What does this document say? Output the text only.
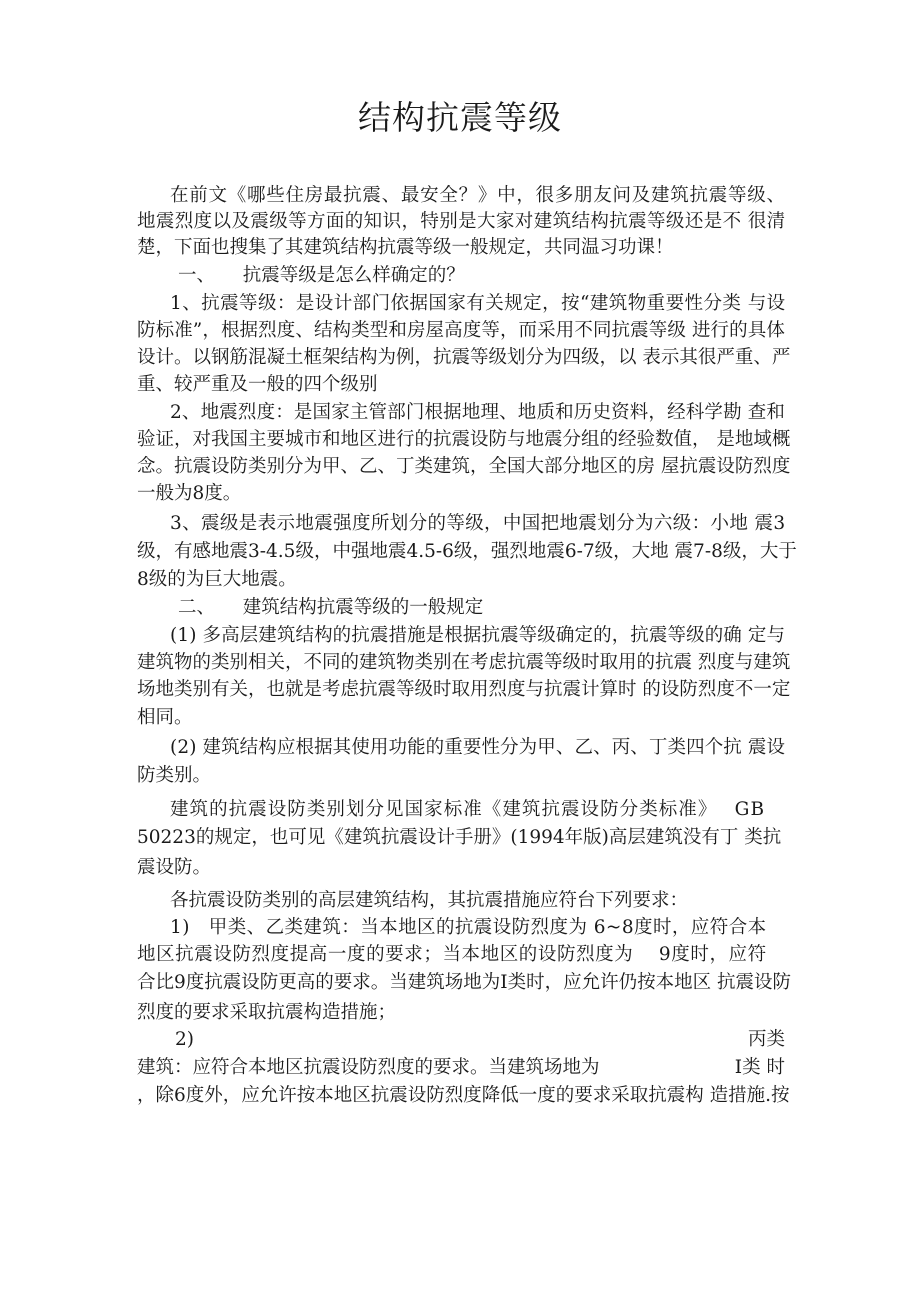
结构抗震等级
在前文《哪些住房最抗震、最安全？》中，很多朋友问及建筑抗震等级、
地震烈度以及震级等方面的知识，特别是大家对建筑结构抗震等级还是不 很清
楚，下面也搜集了其建筑结构抗震等级一般规定，共同温习功课！
一、　　抗震等级是怎么样确定的？
1、抗震等级：是设计部门依据国家有关规定，按“建筑物重要性分类 与设
防标准”，根据烈度、结构类型和房屋高度等，而采用不同抗震等级 进行的具体
设计。以钢筋混凝土框架结构为例，抗震等级划分为四级，以 表示其很严重、严
重、较严重及一般的四个级别
2、地震烈度：是国家主管部门根据地理、地质和历史资料，经科学勘 查和
验证，对我国主要城市和地区进行的抗震设防与地震分组的经验数值， 是地域概
念。抗震设防类别分为甲、乙、丁类建筑，全国大部分地区的房 屋抗震设防烈度
一般为8度。
3、震级是表示地震强度所划分的等级，中国把地震划分为六级：小地 震3
级，有感地震3-4.5级，中强地震4.5-6级，强烈地震6-7级，大地 震7-8级，大于
8级的为巨大地震。
二、　　建筑结构抗震等级的一般规定
(1) 多高层建筑结构的抗震措施是根据抗震等级确定的，抗震等级的确 定与
建筑物的类别相关，不同的建筑物类别在考虑抗震等级时取用的抗震 烈度与建筑
场地类别有关，也就是考虑抗震等级时取用烈度与抗震计算时 的设防烈度不一定
相同。
(2) 建筑结构应根据其使用功能的重要性分为甲、乙、丙、丁类四个抗 震设
防类别。
建筑的抗震设防类别划分见国家标准《建筑抗震设防分类标准》　 GB
50223的规定，也可见《建筑抗震设计手册》(1994年版)高层建筑没有丁 类抗
震设防。
各抗震设防类别的高层建筑结构，其抗震措施应符台下列要求：
1)　甲类、乙类建筑：当本地区的抗震设防烈度为 6~8度时，应符合本
地区抗震设防烈度提高一度的要求；当本地区的设防烈度为　 9度时，应符
合比9度抗震设防更高的要求。当建筑场地为I类时，应允许仍按本地区 抗震设防
烈度的要求采取抗震构造措施；
2)	丙类
建筑：应符合本地区抗震设防烈度的要求。当建筑场地为	I类 时
，除6度外，应允许按本地区抗震设防烈度降低一度的要求采取抗震构 造措施.按
